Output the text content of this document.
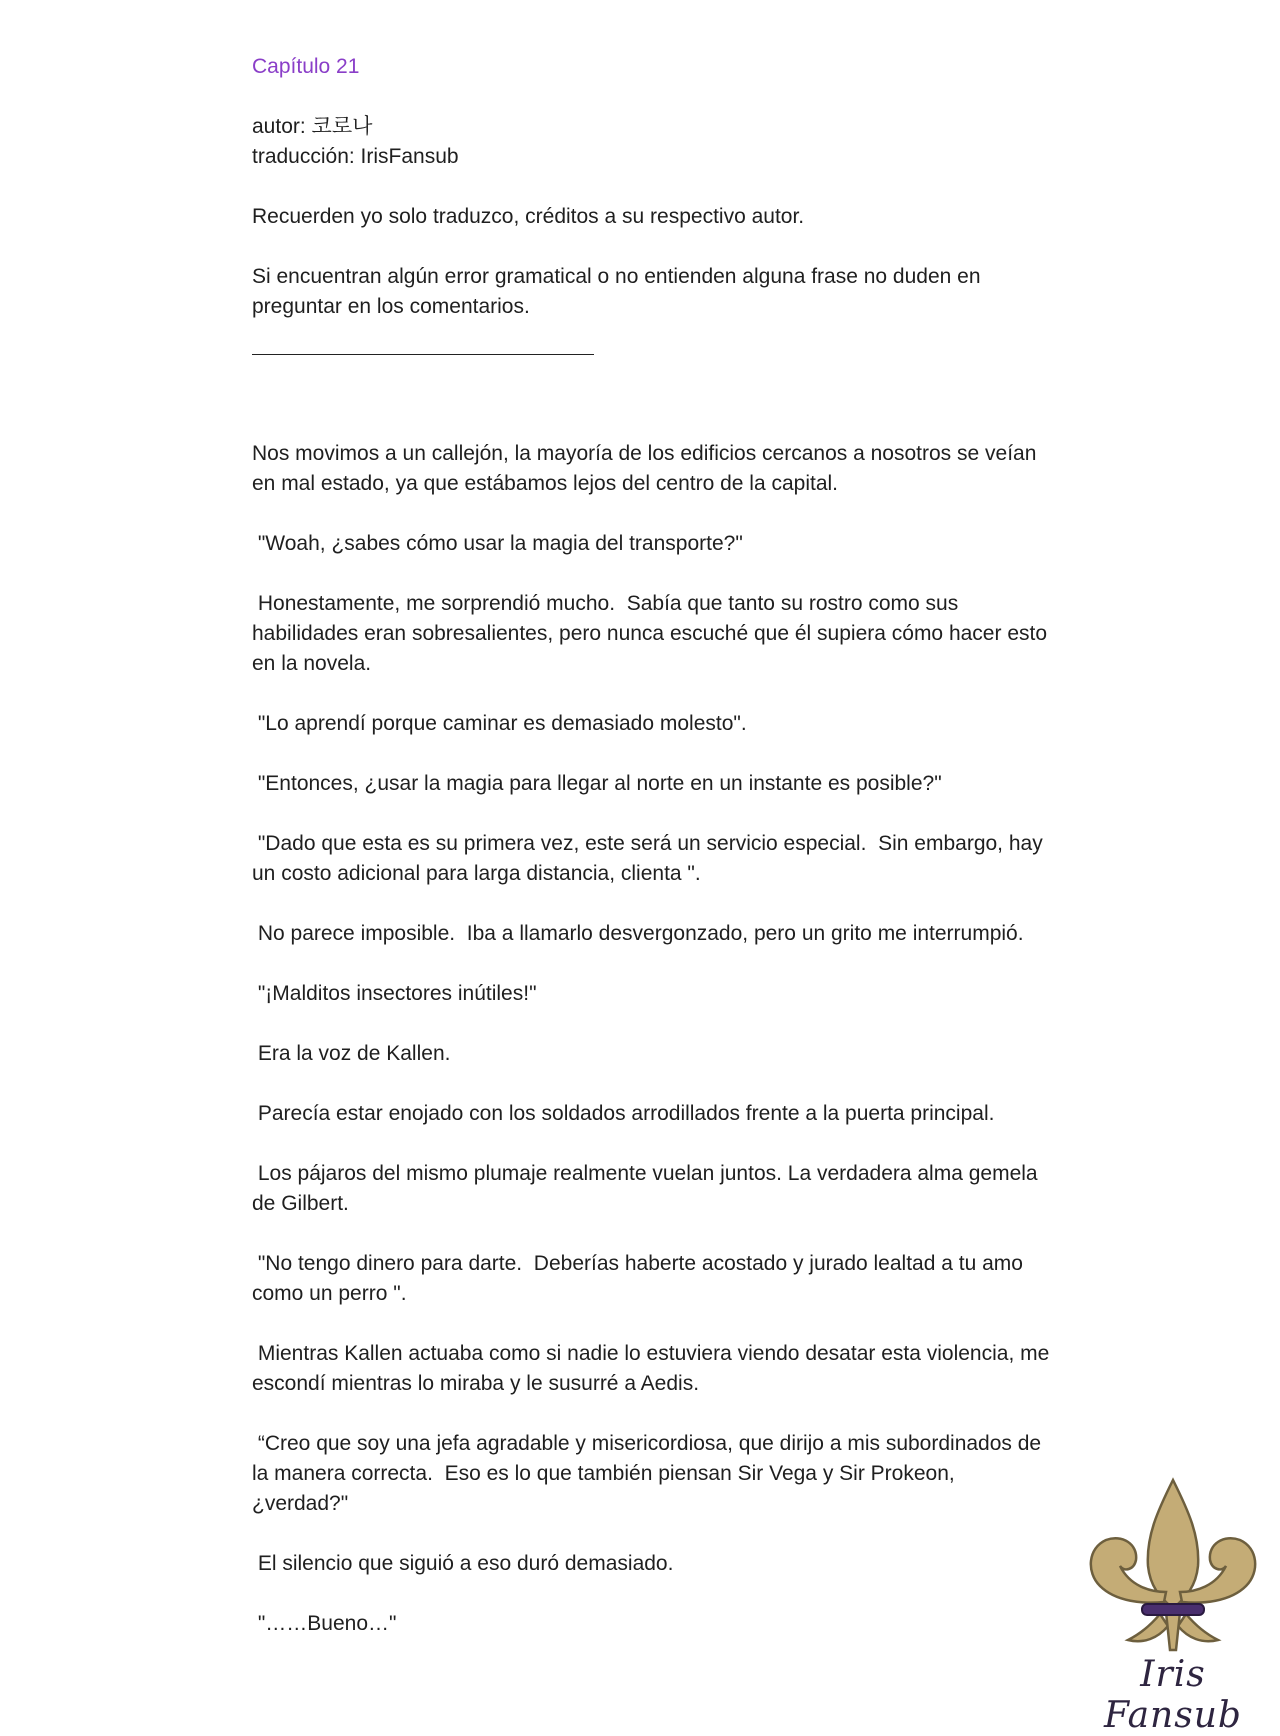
Capítulo 21

autor: 코로나

traducción: IrisFansub

Recuerden yo solo traduzco, créditos a su respectivo autor.

Si encuentran algún error gramatical o no entienden alguna frase no duden en preguntar en los comentarios.

Nos movimos a un callejón, la mayoría de los edificios cercanos a nosotros se veían en mal estado, ya que estábamos lejos del centro de la capital.

"Woah, ¿sabes cómo usar la magia del transporte?"

Honestamente, me sorprendió mucho.  Sabía que tanto su rostro como sus habilidades eran sobresalientes, pero nunca escuché que él supiera cómo hacer esto en la novela.

"Lo aprendí porque caminar es demasiado molesto".

"Entonces, ¿usar la magia para llegar al norte en un instante es posible?"

"Dado que esta es su primera vez, este será un servicio especial.  Sin embargo, hay un costo adicional para larga distancia, clienta ".

No parece imposible.  Iba a llamarlo desvergonzado, pero un grito me interrumpió.

"¡Malditos insectores inútiles!"

Era la voz de Kallen.

Parecía estar enojado con los soldados arrodillados frente a la puerta principal.

Los pájaros del mismo plumaje realmente vuelan juntos. La verdadera alma gemela de Gilbert.

"No tengo dinero para darte.  Deberías haberte acostado y jurado lealtad a tu amo como un perro ".

Mientras Kallen actuaba como si nadie lo estuviera viendo desatar esta violencia, me escondí mientras lo miraba y le susurré a Aedis.

“Creo que soy una jefa agradable y misericordiosa, que dirijo a mis subordinados de la manera correcta.  Eso es lo que también piensan Sir Vega y Sir Prokeon, ¿verdad?"

El silencio que siguió a eso duró demasiado.

"……Bueno…"

Iris Fansub
